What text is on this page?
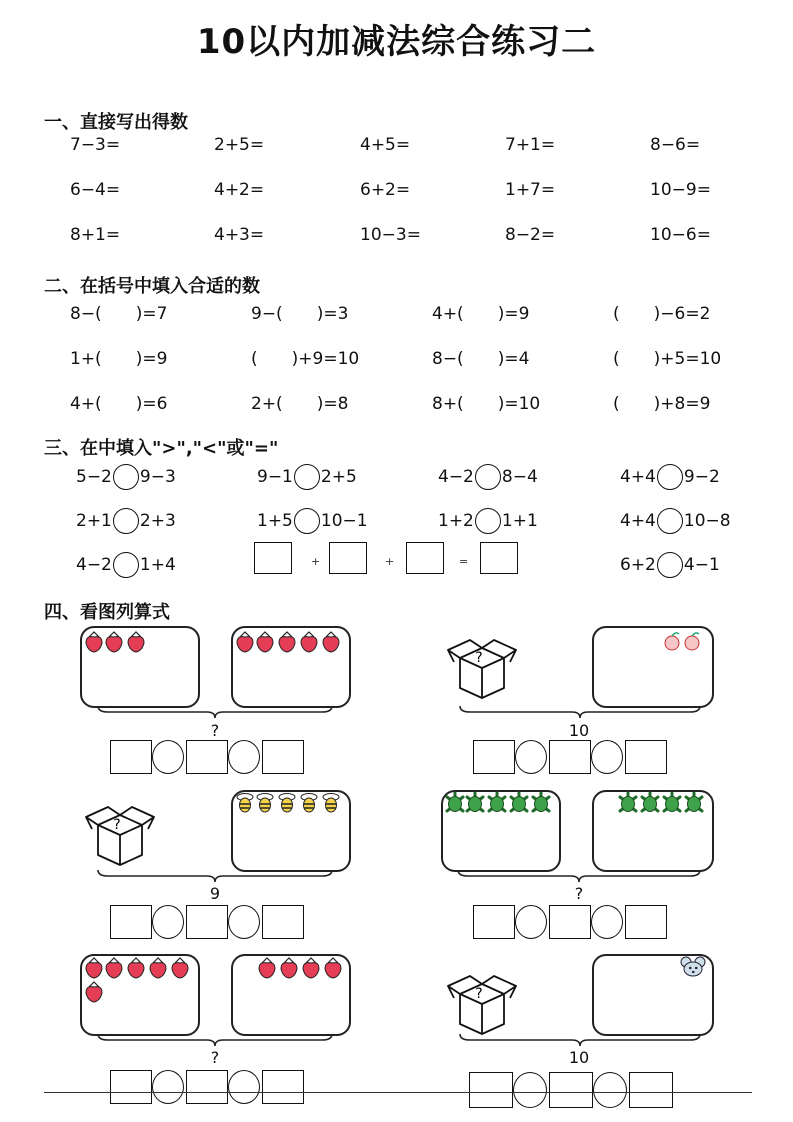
10以内加减法综合练习二
一、直接写出得数
7−3=	2+5=	4+5=	7+1=	8−6=
6−4=	4+2=	6+2=	1+7=	10−9=
8+1=	4+3=	10−3=	8−2=	10−6=
二、在括号中填入合适的数
8−(　　)=7	9−(　　)=3	4+(　　)=9	(　　)−6=2
1+(　　)=9	(　　)+9=10	8−(　　)=4	(　　)+5=10
4+(　　)=6	2+(　　)=8	8+(　　)=10	(　　)+8=9
三、在中填入">","<"或"="
5−2 9−3	9−1 2+5	4−2 8−4	4+4 9−2
2+1 2+3	1+5 10−1	1+2 1+1	4+4 10−8
4−2 1+4	+	+	=	6+2 4−1
四、看图列算式
?
?
10
?
9	?
?
?
10
